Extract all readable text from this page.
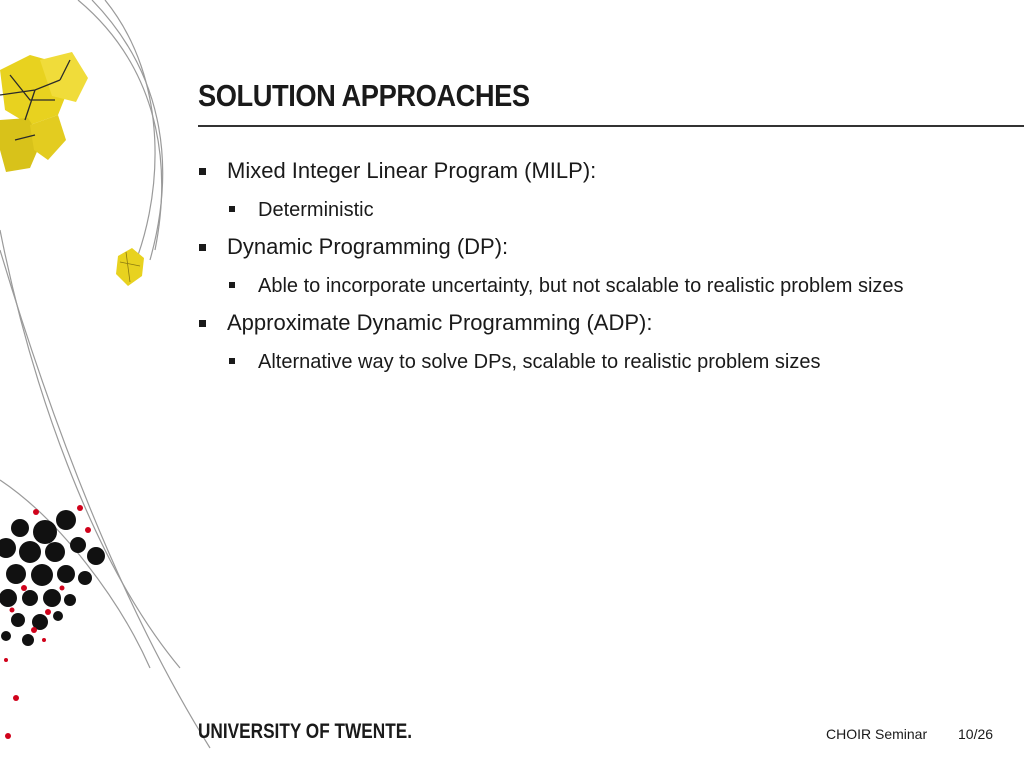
SOLUTION APPROACHES
Mixed Integer Linear Program (MILP):
Deterministic
Dynamic Programming (DP):
Able to incorporate uncertainty, but not scalable to realistic problem sizes
Approximate Dynamic Programming (ADP):
Alternative way to solve DPs, scalable to realistic problem sizes
UNIVERSITY OF TWENTE.	CHOIR Seminar 10/26
